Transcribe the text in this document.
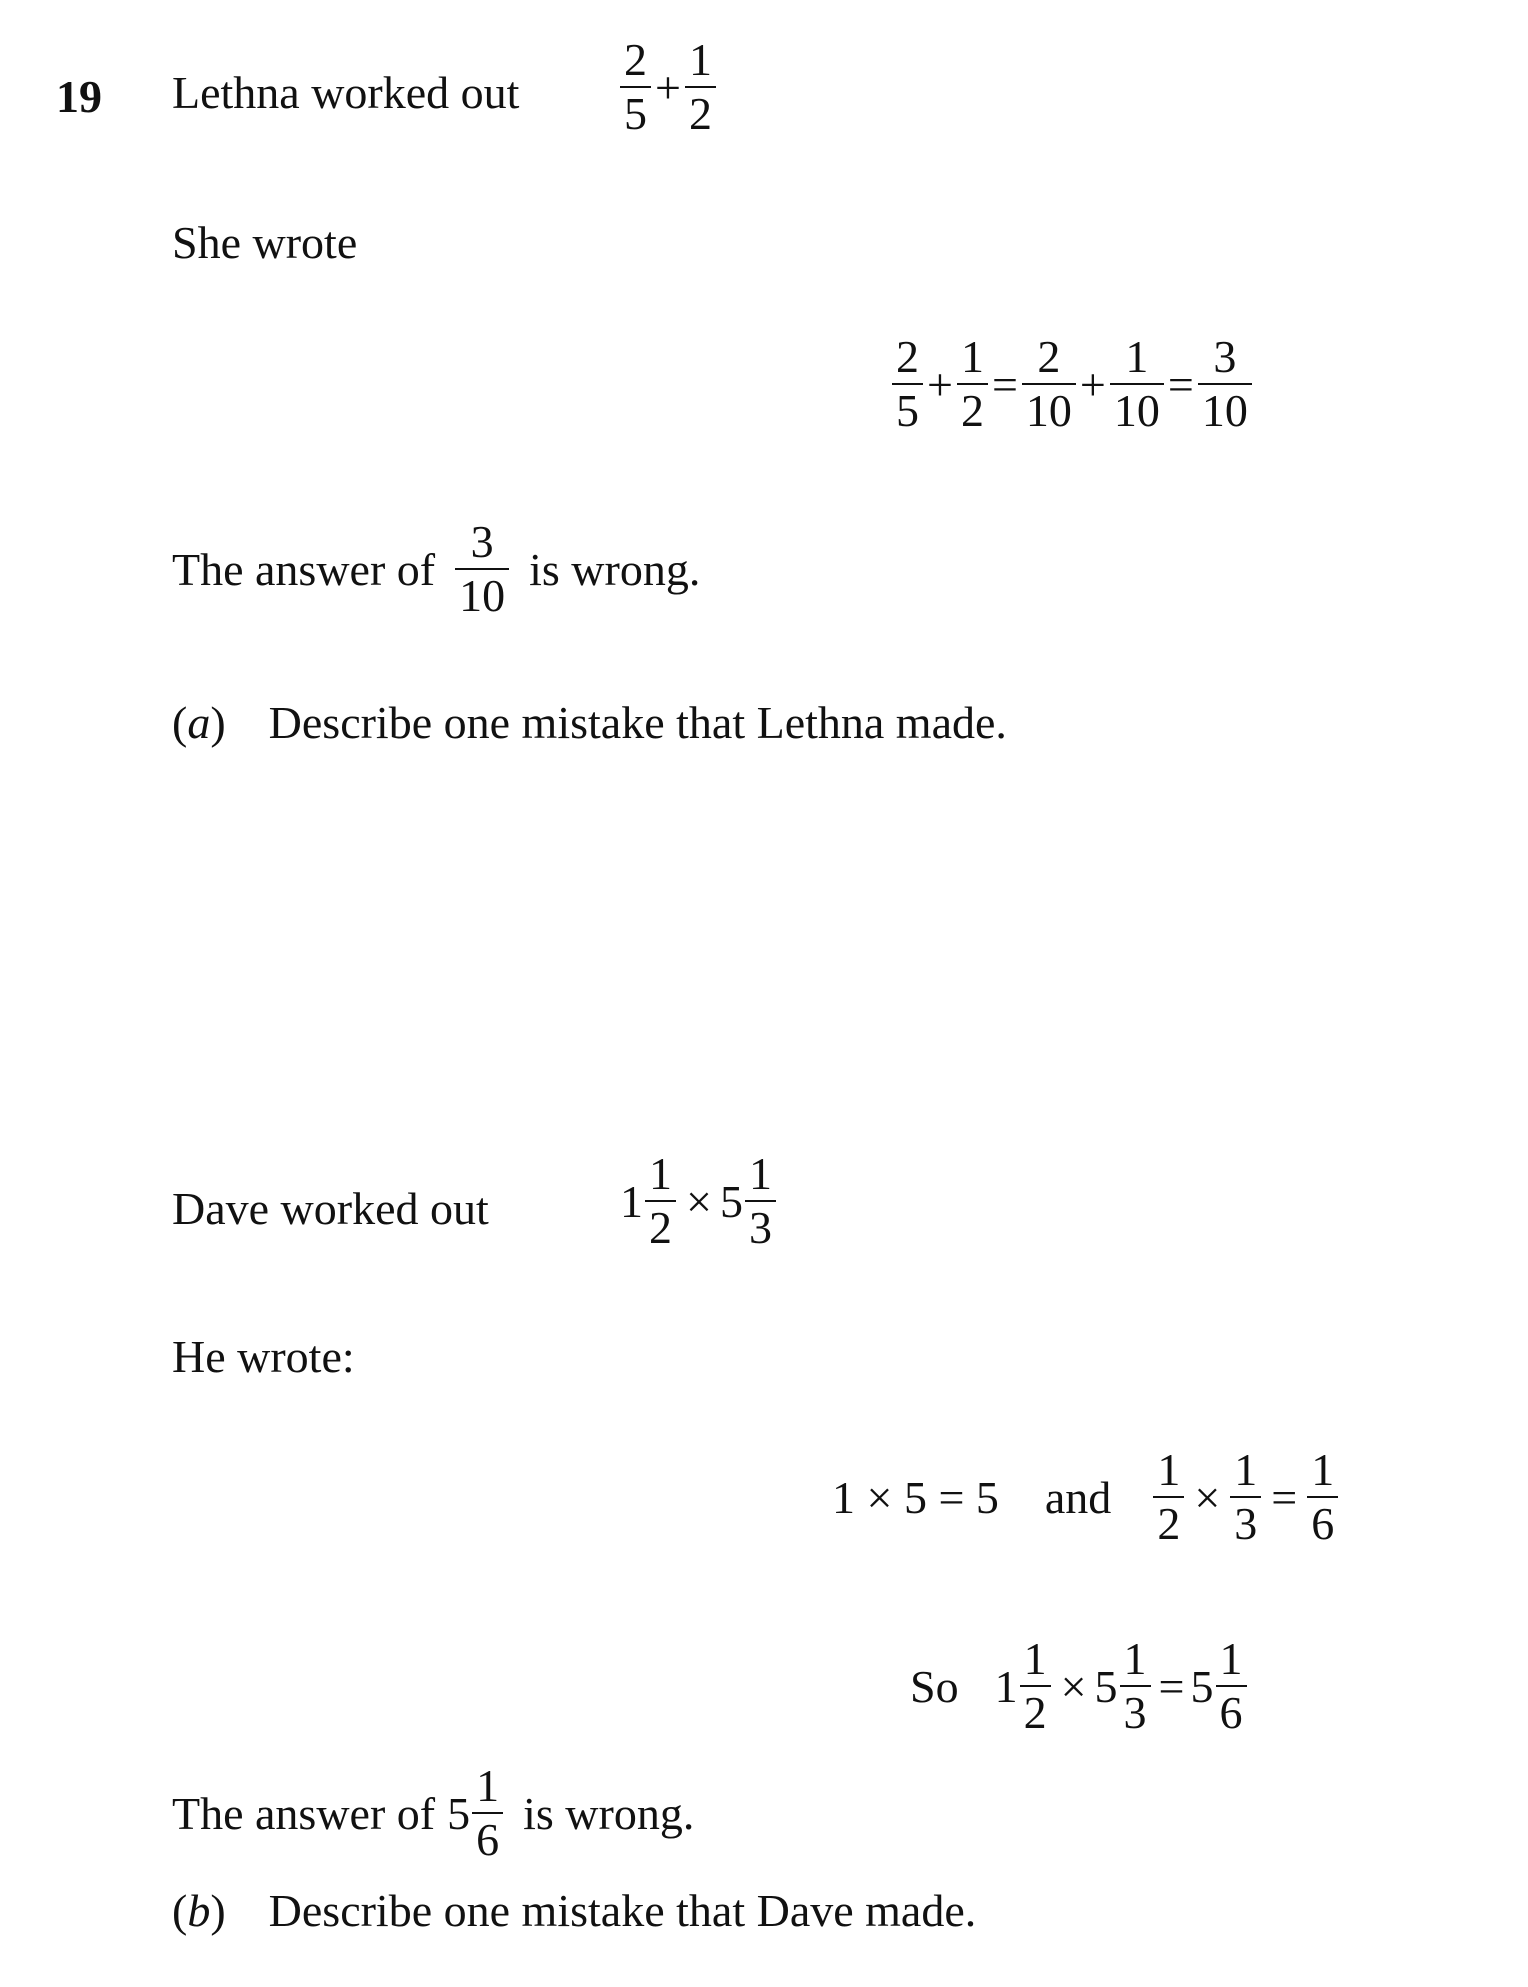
19 Lethna worked out $\frac{2}{5} + \frac{1}{2}$
She wrote
$\frac{2}{5} + \frac{1}{2} = \frac{2}{10} + \frac{1}{10} = \frac{3}{10}$
The answer of $\frac{3}{10}$ is wrong.
(a) Describe one mistake that Lethna made.
Dave worked out	$1 \frac{1}{2} \times 5 \frac{1}{3}$
He wrote:
1 × 5 = 5 and $\frac{1}{2} \times \frac{1}{3} = \frac{1}{6}$
So $1 \frac{1}{2} \times 5 \frac{1}{3} = 5 \frac{1}{6}$
The answer of $5 \frac{1}{6}$ is wrong.
(b) Describe one mistake that Dave made.
